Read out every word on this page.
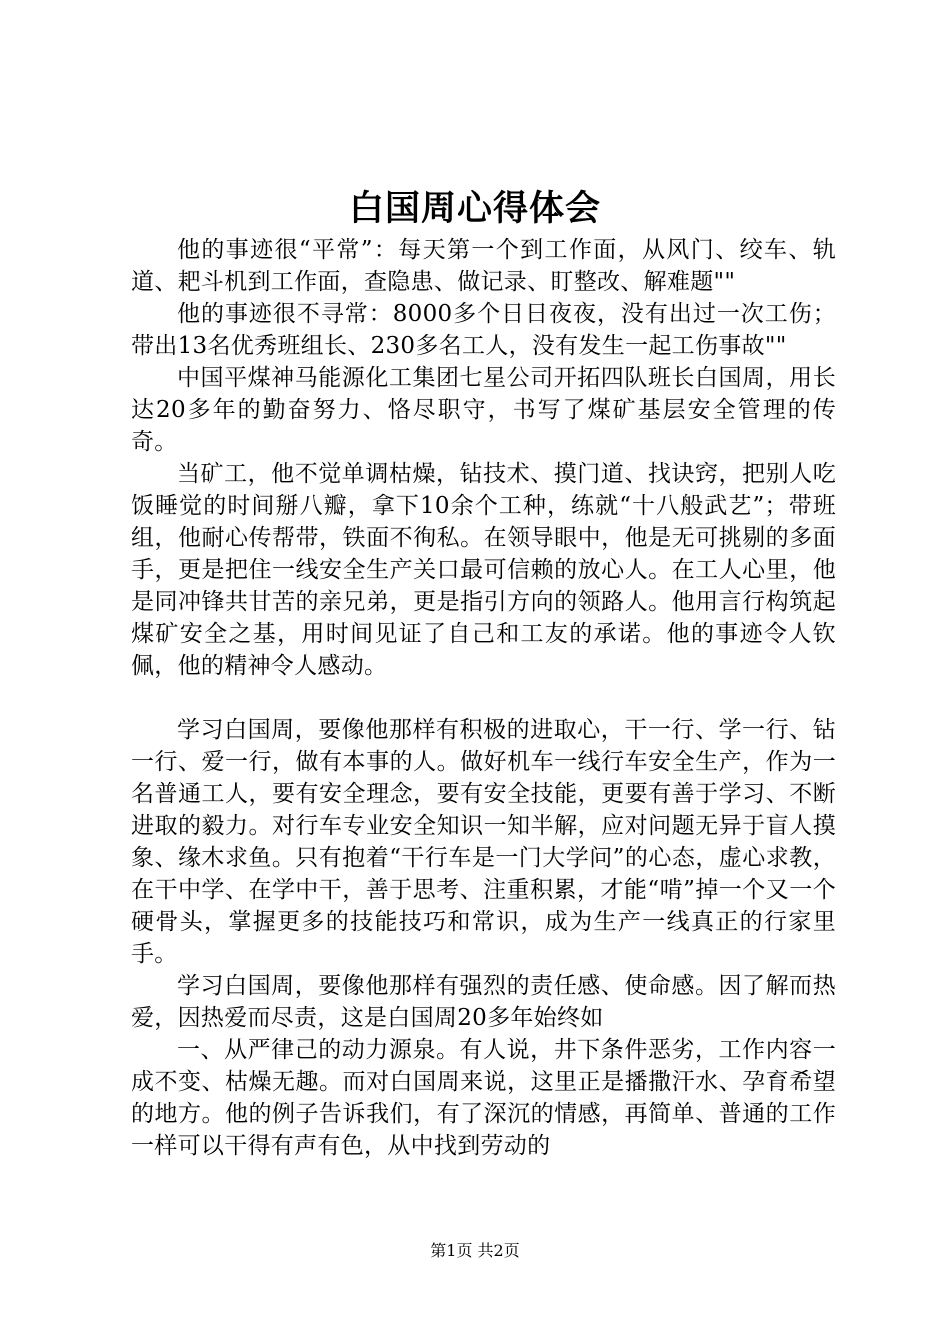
白国周心得体会

他的事迹很“平常”：每天第一个到工作面，从风门、绞车、轨道、耙斗机到工作面，查隐患、做记录、盯整改、解难题""

他的事迹很不寻常：8000多个日日夜夜，没有出过一次工伤；带出13名优秀班组长、230多名工人，没有发生一起工伤事故""

中国平煤神马能源化工集团七星公司开拓四队班长白国周，用长达20多年的勤奋努力、恪尽职守，书写了煤矿基层安全管理的传奇。

当矿工，他不觉单调枯燥，钻技术、摸门道、找诀窍，把别人吃饭睡觉的时间掰八瓣，拿下10余个工种，练就“十八般武艺”；带班组，他耐心传帮带，铁面不徇私。在领导眼中，他是无可挑剔的多面手，更是把住一线安全生产关口最可信赖的放心人。在工人心里，他是同冲锋共甘苦的亲兄弟，更是指引方向的领路人。他用言行构筑起煤矿安全之基，用时间见证了自己和工友的承诺。他的事迹令人钦佩，他的精神令人感动。

学习白国周，要像他那样有积极的进取心，干一行、学一行、钻一行、爱一行，做有本事的人。做好机车一线行车安全生产，作为一名普通工人，要有安全理念，要有安全技能，更要有善于学习、不断进取的毅力。对行车专业安全知识一知半解，应对问题无异于盲人摸象、缘木求鱼。只有抱着“干行车是一门大学问”的心态，虚心求教，在干中学、在学中干，善于思考、注重积累，才能“啃”掉一个又一个硬骨头，掌握更多的技能技巧和常识，成为生产一线真正的行家里手。

学习白国周，要像他那样有强烈的责任感、使命感。因了解而热爱，因热爱而尽责，这是白国周20多年始终如

一、从严律己的动力源泉。有人说，井下条件恶劣，工作内容一成不变、枯燥无趣。而对白国周来说，这里正是播撒汗水、孕育希望的地方。他的例子告诉我们，有了深沉的情感，再简单、普通的工作一样可以干得有声有色，从中找到劳动的

第1页 共2页
